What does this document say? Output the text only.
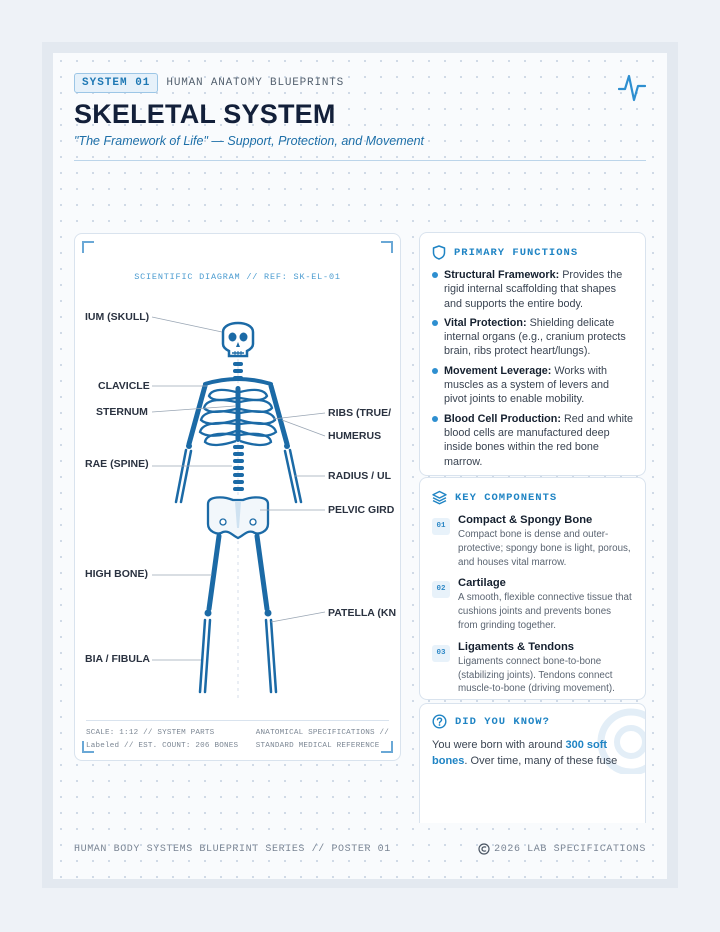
SYSTEM 01	HUMAN ANATOMY BLUEPRINTS
SKELETAL SYSTEM
"The Framework of Life" — Support, Protection, and Movement
SCIENTIFIC DIAGRAM // REF: SK-EL-01
IUM (SKULL)
CLAVICLE
STERNUM
RAE (SPINE)
HIGH BONE)
BIA / FIBULA
RIBS (TRUE/
HUMERUS
RADIUS / UL
PELVIC GIRD
PATELLA (KN
SCALE: 1:12 // SYSTEM PARTS
Labeled // EST. COUNT: 206 BONES
ANATOMICAL SPECIFICATIONS //
STANDARD MEDICAL REFERENCE
PRIMARY FUNCTIONS
Structural Framework: Provides the rigid internal scaffolding that shapes and supports the entire body.
Vital Protection: Shielding delicate internal organs (e.g., cranium protects brain, ribs protect heart/lungs).
Movement Leverage: Works with muscles as a system of levers and pivot joints to enable mobility.
Blood Cell Production: Red and white blood cells are manufactured deep inside bones within the red bone marrow.
KEY COMPONENTS
01	Compact & Spongy Bone
Compact bone is dense and outer-protective; spongy bone is light, porous, and houses vital marrow.
02	Cartilage
A smooth, flexible connective tissue that cushions joints and prevents bones from grinding together.
03	Ligaments & Tendons
Ligaments connect bone-to-bone (stabilizing joints). Tendons connect muscle-to-bone (driving movement).
DID YOU KNOW?
You were born with around 300 soft bones. Over time, many of these fuse
HUMAN BODY SYSTEMS BLUEPRINT SERIES // POSTER 01	2026 LAB SPECIFICATIONS
